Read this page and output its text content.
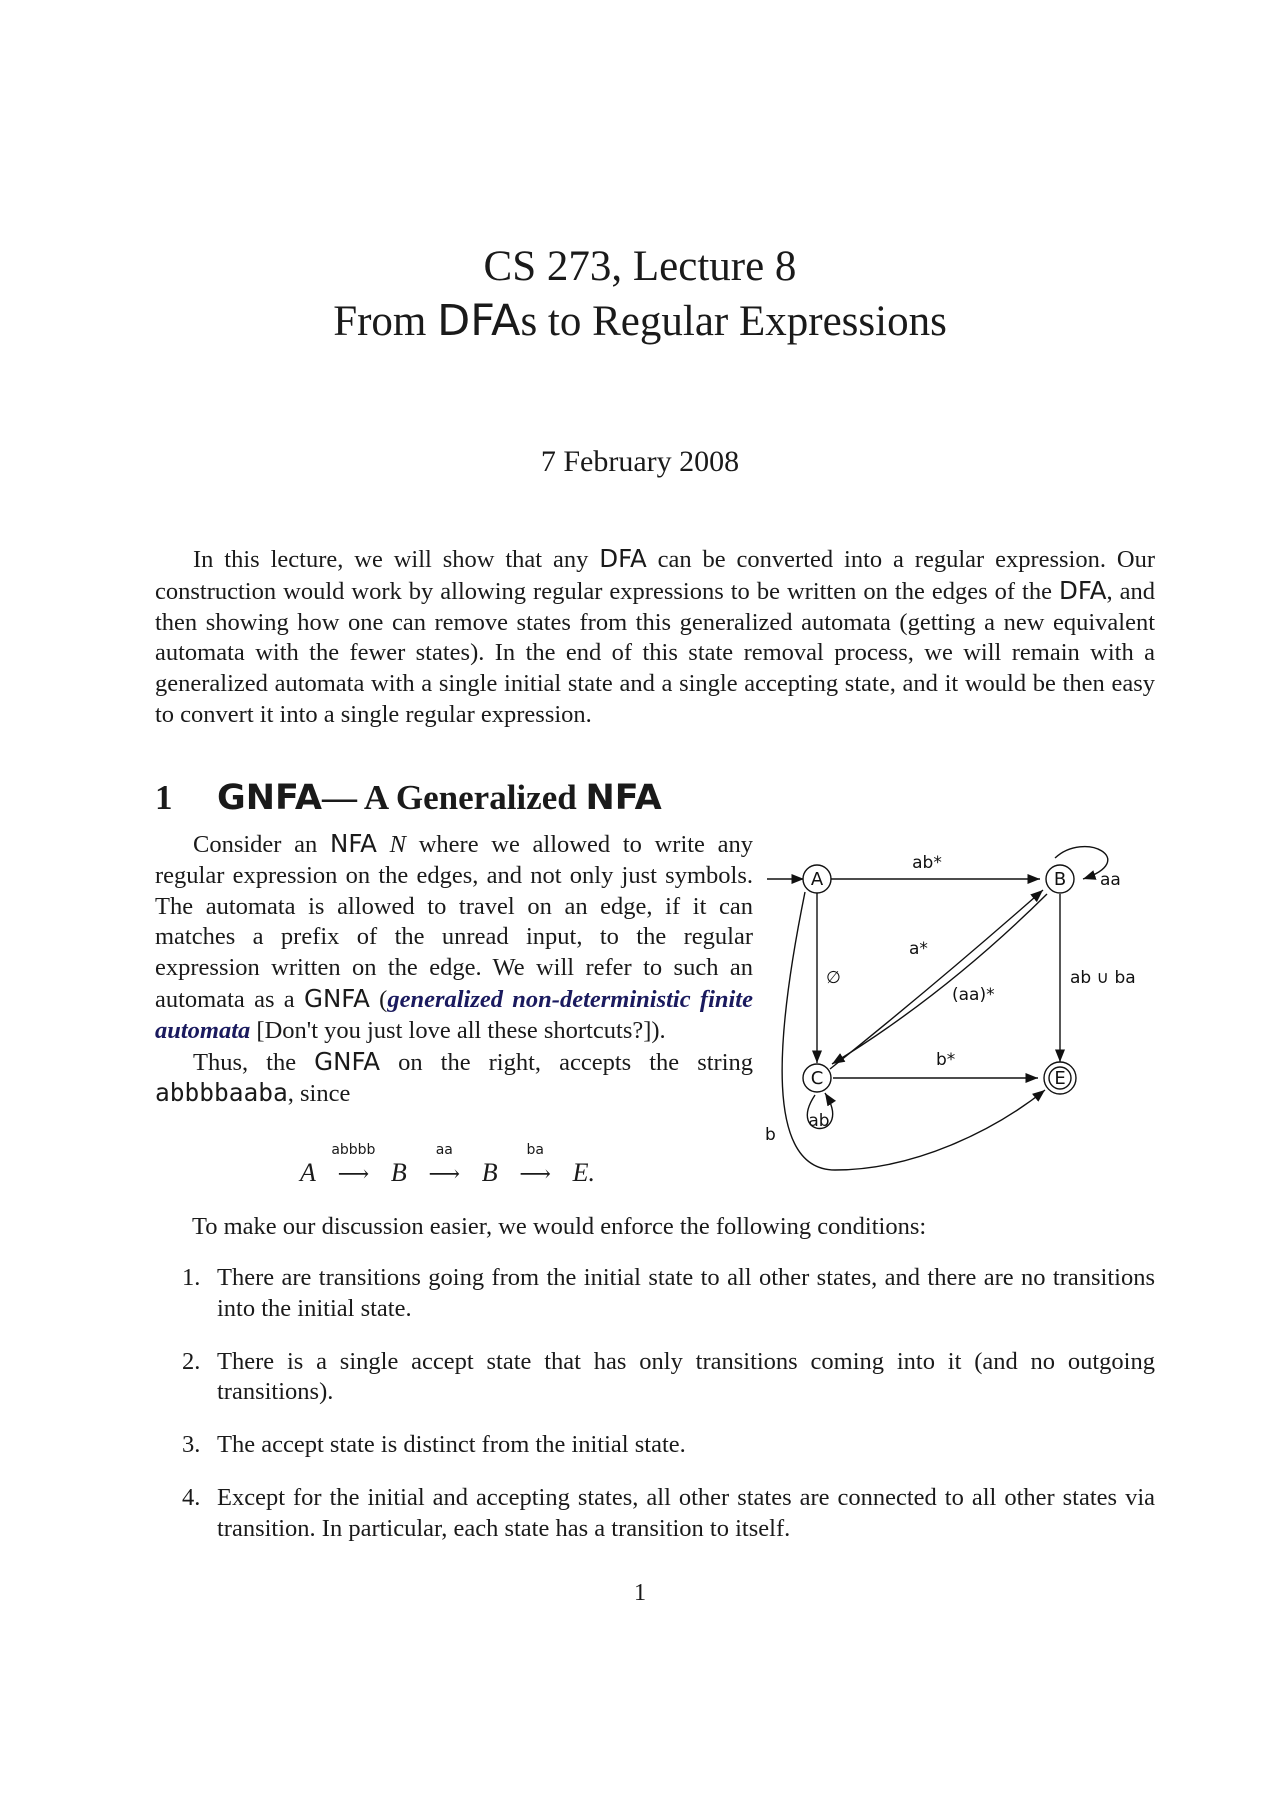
CS 273, Lecture 8
From DFAs to Regular Expressions
7 February 2008
In this lecture, we will show that any DFA can be converted into a regular expression. Our construction would work by allowing regular expressions to be written on the edges of the DFA, and then showing how one can remove states from this generalized automata (getting a new equivalent automata with the fewer states). In the end of this state removal process, we will remain with a generalized automata with a single initial state and a single accepting state, and it would be then easy to convert it into a single regular expression.
1 GNFA— A Generalized NFA

Consider an NFA N where we allowed to write any regular expression on the edges, and not only just symbols. The automata is allowed to travel on an edge, if it can matches a prefix of the unread input, to the regular expression written on the edge. We will refer to such an automata as a GNFA (generalized non-deterministic finite automata [Don't you just love all these shortcuts?]).

Thus, the GNFA on the right, accepts the string abbbbaaba, since

A	B
C	E
ab*
aa
∅
a*
(aa)*
ab ∪ ba
b*
ab
b
A
abbbb
⟶ B
aa
⟶ B
ba
⟶ E.
To make our discussion easier, we would enforce the following conditions:
1. There are transitions going from the initial state to all other states, and there are no transitions into the initial state.
2. There is a single accept state that has only transitions coming into it (and no outgoing transitions).
3. The accept state is distinct from the initial state.
4. Except for the initial and accepting states, all other states are connected to all other states via transition. In particular, each state has a transition to itself.
1
